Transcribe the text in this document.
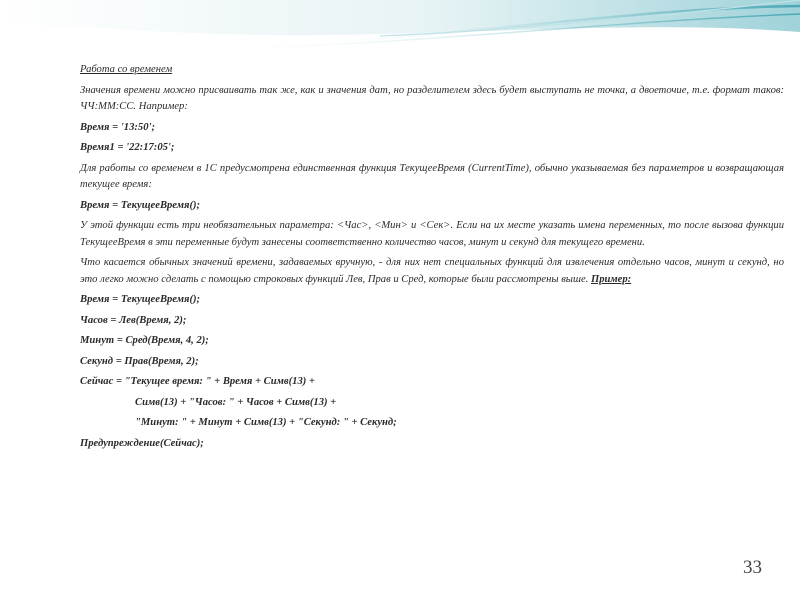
Работа со временем

Значения времени можно присваивать так же, как и значения дат, но разделителем здесь будет выступать не точка, а двоеточие, т.е. формат таков: ЧЧ:ММ:СС. Например:

Время = '13:50';

Время1 = '22:17:05';

Для работы со временем в 1С предусмотрена единственная функция ТекущееВремя (CurrentTime), обычно указываемая без параметров и возвращающая текущее время:

Время = ТекущееВремя();

У этой функции есть три необязательных параметра: <Час>, <Мин> и <Сек>. Если на их месте указать имена переменных, то после вызова функции ТекущееВремя в эти переменные будут занесены соответственно количество часов, минут и секунд для текущего времени.

Что касается обычных значений времени, задаваемых вручную, - для них нет специальных функций для извлечения отдельно часов, минут и секунд, но это легко можно сделать с помощью строковых функций Лев, Прав и Сред, которые были рассмотрены выше. Пример:

Время = ТекущееВремя();

Часов = Лев(Время, 2);

Минут = Сред(Время, 4, 2);

Секунд = Прав(Время, 2);

Сейчас = "Текущее время: " + Время + Симв(13) +

Симв(13) + "Часов: " + Часов + Симв(13) +

"Минут: " + Минут + Симв(13) + "Секунд: " + Секунд;

Предупреждение(Сейчас);

33
